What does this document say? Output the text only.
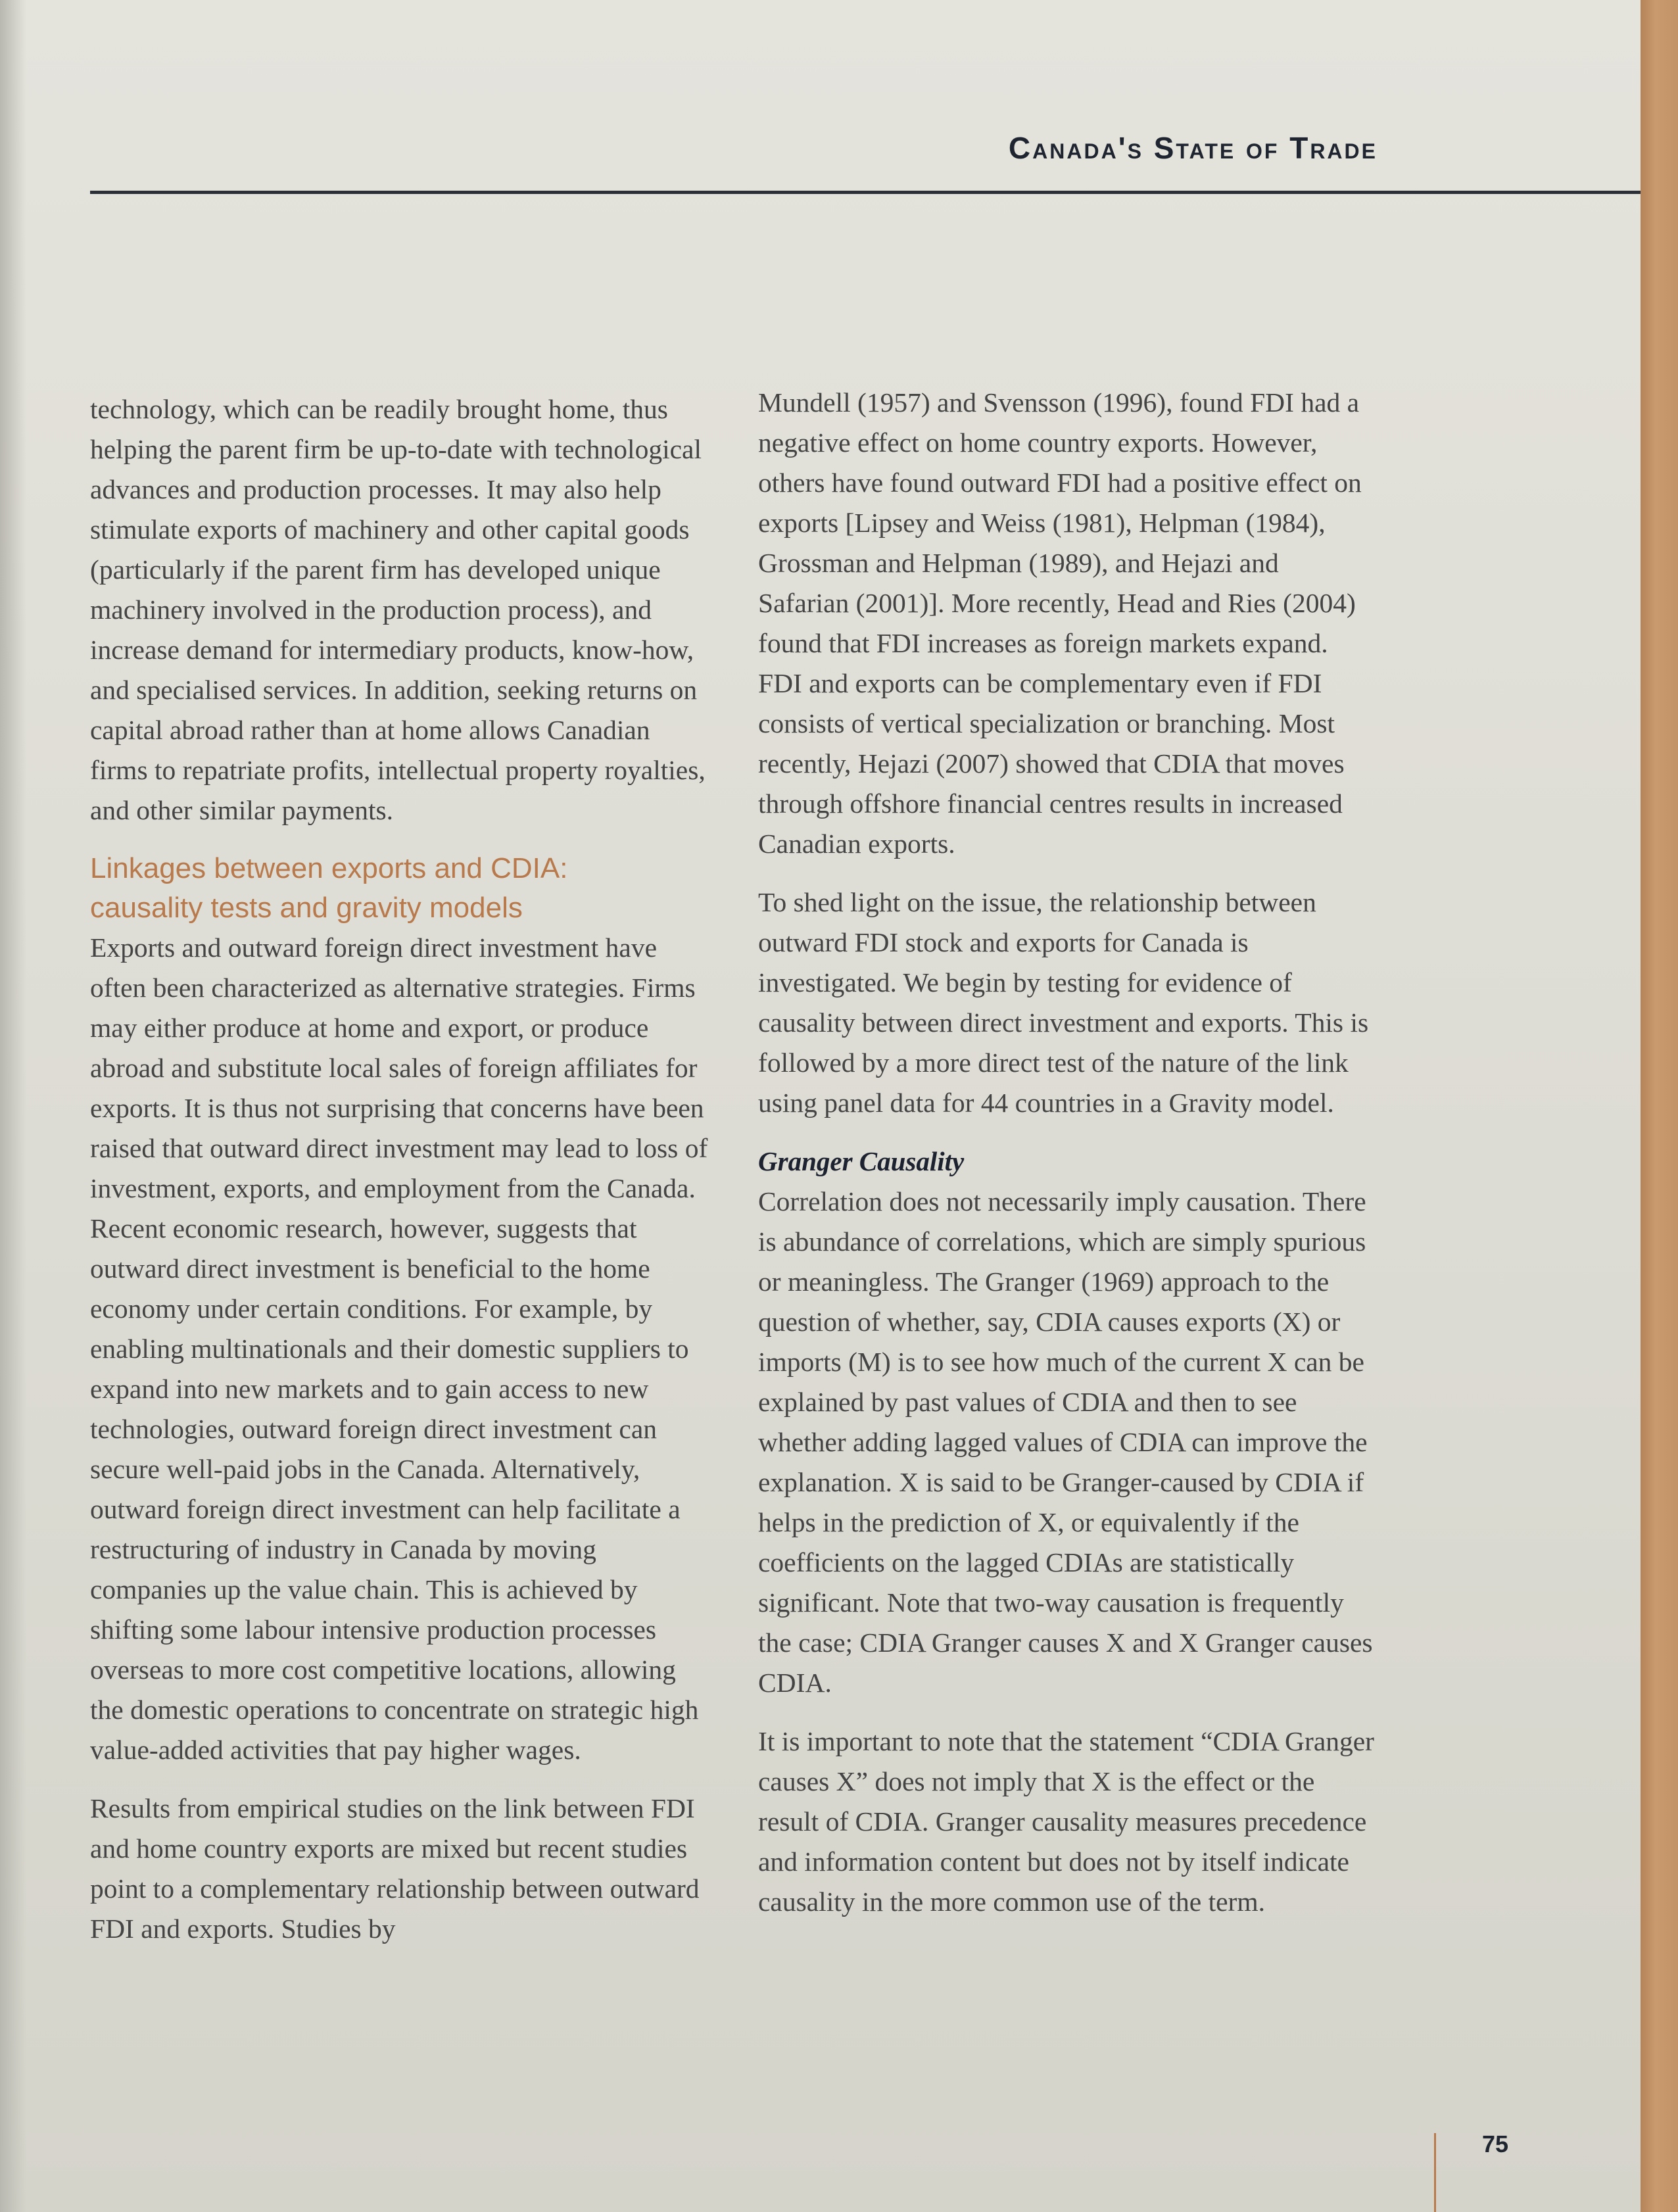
Canada's State of Trade

technology, which can be readily brought home, thus helping the parent firm be up-to-date with technological advances and production processes. It may also help stimulate exports of machinery and other capital goods (particularly if the parent firm has developed unique machinery involved in the production process), and increase demand for intermediary products, know-how, and specialised services. In addition, seeking returns on capital abroad rather than at home allows Canadian firms to repatriate profits, intellectual property royalties, and other similar payments.

Linkages between exports and CDIA:
causality tests and gravity models

Exports and outward foreign direct investment have often been characterized as alternative strategies. Firms may either produce at home and export, or produce abroad and substitute local sales of foreign affiliates for exports. It is thus not surprising that concerns have been raised that outward direct investment may lead to loss of investment, exports, and employment from the Canada. Recent economic research, however, suggests that outward direct investment is beneficial to the home economy under certain conditions. For example, by enabling multinationals and their domestic suppliers to expand into new markets and to gain access to new technologies, outward foreign direct investment can secure well-paid jobs in the Canada. Alternatively, outward foreign direct investment can help facilitate a restructuring of industry in Canada by moving companies up the value chain. This is achieved by shifting some labour intensive production processes overseas to more cost competitive locations, allowing the domestic operations to concentrate on strategic high value-added activities that pay higher wages.

Results from empirical studies on the link between FDI and home country exports are mixed but recent studies point to a complementary relationship between outward FDI and exports. Studies by

Mundell (1957) and Svensson (1996), found FDI had a negative effect on home country exports. However, others have found outward FDI had a positive effect on exports [Lipsey and Weiss (1981), Helpman (1984), Grossman and Helpman (1989), and Hejazi and Safarian (2001)]. More recently, Head and Ries (2004) found that FDI increases as foreign markets expand. FDI and exports can be complementary even if FDI consists of vertical specialization or branching. Most recently, Hejazi (2007) showed that CDIA that moves through offshore financial centres results in increased Canadian exports.

To shed light on the issue, the relationship between outward FDI stock and exports for Canada is investigated. We begin by testing for evidence of causality between direct investment and exports. This is followed by a more direct test of the nature of the link using panel data for 44 countries in a Gravity model.

Granger Causality

Correlation does not necessarily imply causation. There is abundance of correlations, which are simply spurious or meaningless. The Granger (1969) approach to the question of whether, say, CDIA causes exports (X) or imports (M) is to see how much of the current X can be explained by past values of CDIA and then to see whether adding lagged values of CDIA can improve the explanation. X is said to be Granger-caused by CDIA if helps in the prediction of X, or equivalently if the coefficients on the lagged CDIAs are statistically significant. Note that two-way causation is frequently the case; CDIA Granger causes X and X Granger causes CDIA.

It is important to note that the statement “CDIA Granger causes X” does not imply that X is the effect or the result of CDIA. Granger causality measures precedence and information content but does not by itself indicate causality in the more common use of the term.

75
